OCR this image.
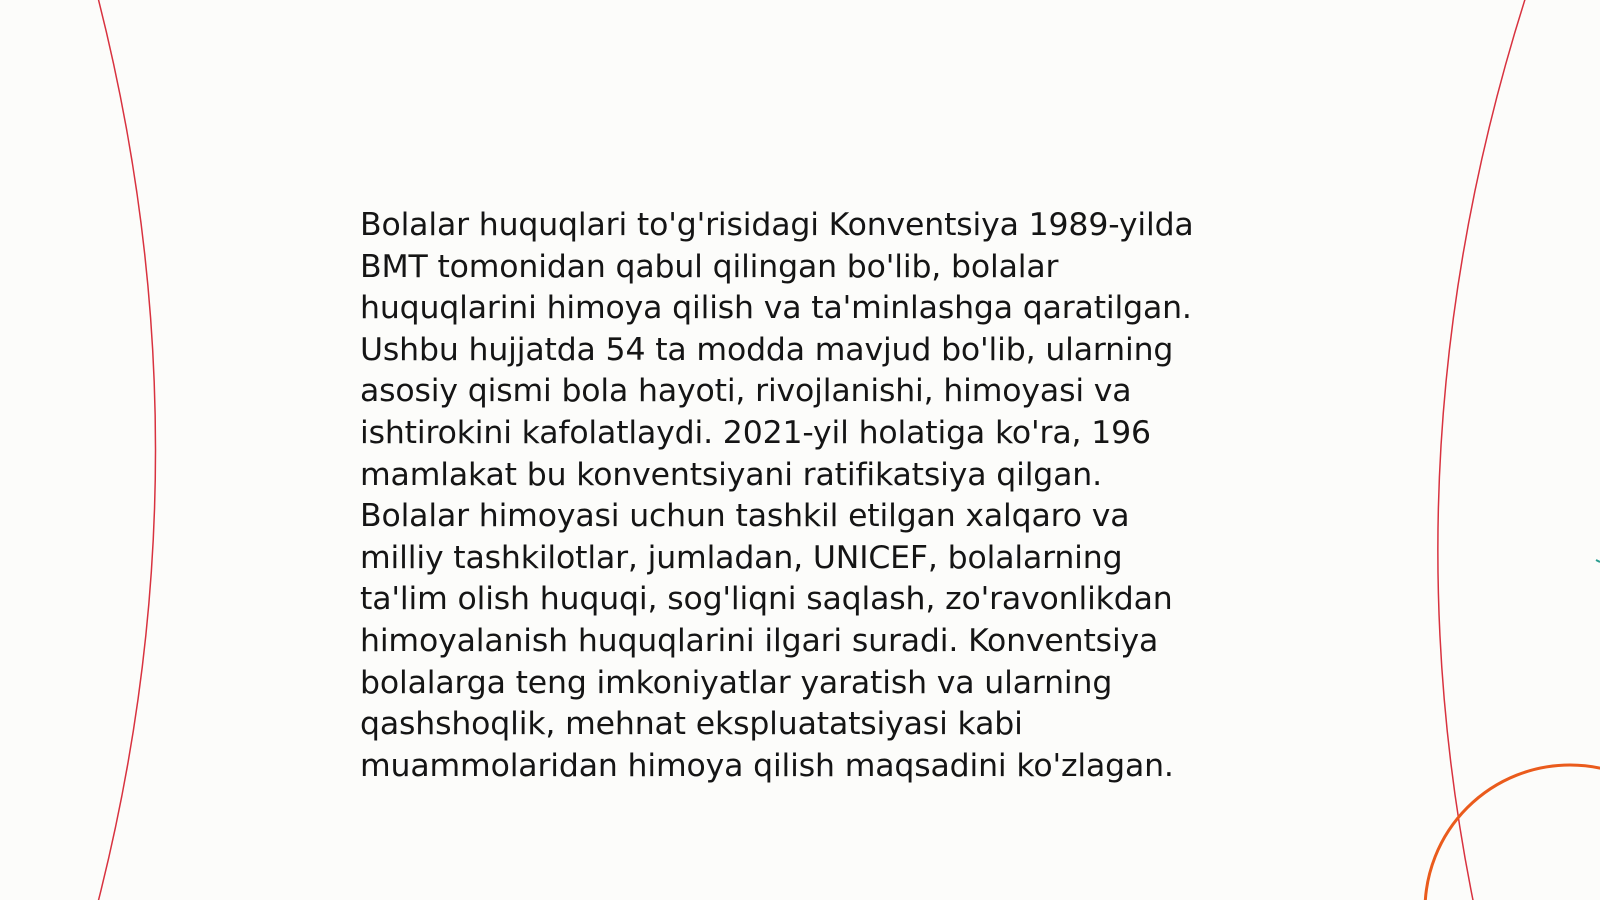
Bolalar huquqlari to'g'risidagi Konventsiya 1989-yilda
BMT tomonidan qabul qilingan bo'lib, bolalar
huquqlarini himoya qilish va ta'minlashga qaratilgan.
Ushbu hujjatda 54 ta modda mavjud bo'lib, ularning
asosiy qismi bola hayoti, rivojlanishi, himoyasi va
ishtirokini kafolatlaydi. 2021-yil holatiga ko'ra, 196
mamlakat bu konventsiyani ratifikatsiya qilgan.
Bolalar himoyasi uchun tashkil etilgan xalqaro va
milliy tashkilotlar, jumladan, UNICEF, bolalarning
ta'lim olish huquqi, sog'liqni saqlash, zo'ravonlikdan
himoyalanish huquqlarini ilgari suradi. Konventsiya
bolalarga teng imkoniyatlar yaratish va ularning
qashshoqlik, mehnat ekspluatatsiyasi kabi
muammolaridan himoya qilish maqsadini ko'zlagan.
